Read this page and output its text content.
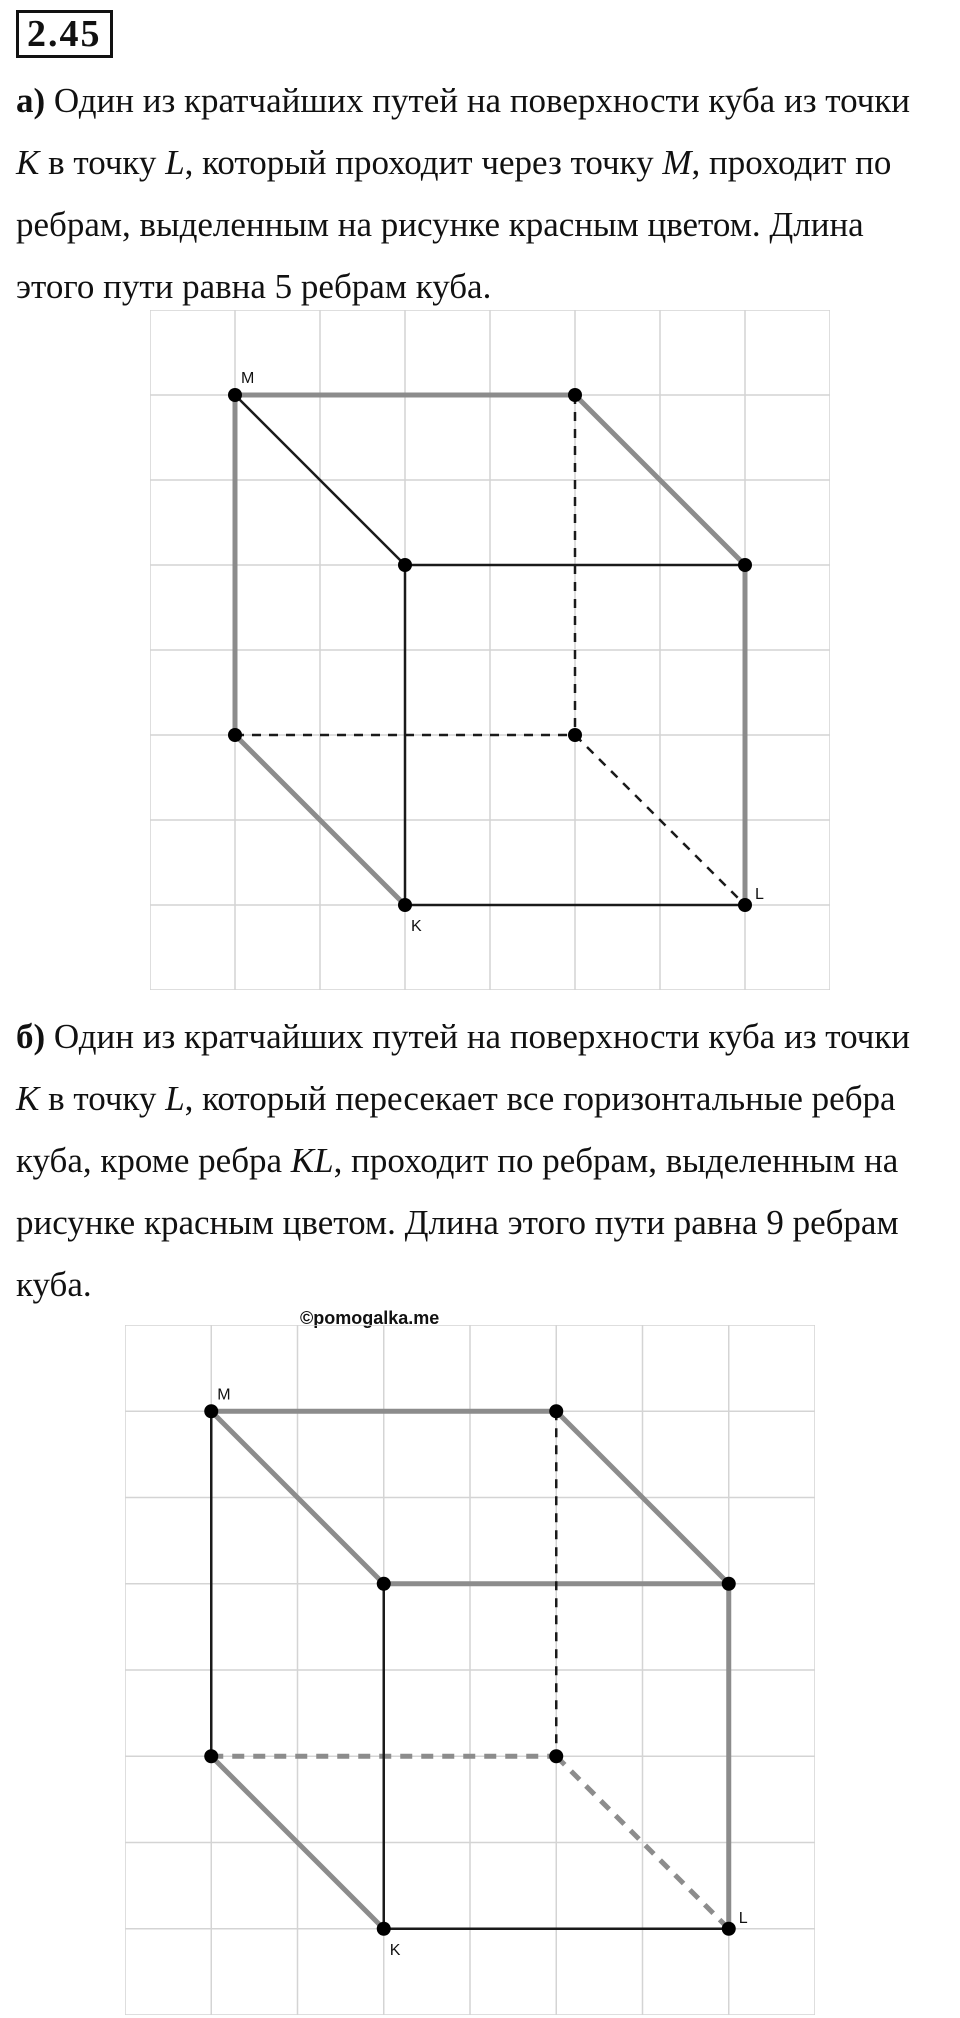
2.45
а) Один из кратчайших путей на поверхности куба из точки
K в точку L, который проходит через точку M, проходит по
ребрам, выделенным на рисунке красным цветом. Длина
этого пути равна 5 ребрам куба.
M
K
L
б) Один из кратчайших путей на поверхности куба из точки
K в точку L, который пересекает все горизонтальные ребра
куба, кроме ребра KL, проходит по ребрам, выделенным на
рисунке красным цветом. Длина этого пути равна 9 ребрам
куба.
©pomogalka.me
M
K
L
